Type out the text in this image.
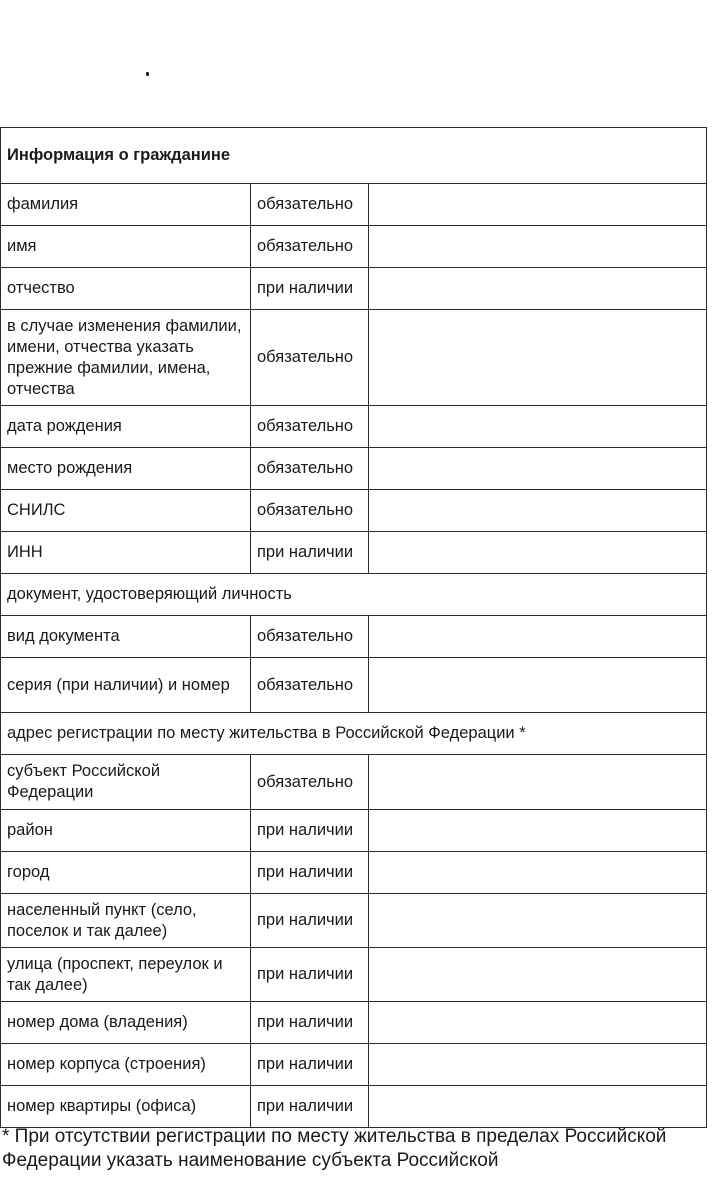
Информация о гражданине		
фамилия	обязательно	
имя	обязательно	
отчество	при наличии	
в случае изменения фамилии, имени, отчества указать прежние фамилии, имена, отчества	обязательно	
дата рождения	обязательно	
место рождения	обязательно	
СНИЛС	обязательно	
ИНН	при наличии	
документ, удостоверяющий личность		
вид документа	обязательно	
серия (при наличии) и номер	обязательно	
адрес регистрации по месту жительства в Российской Федерации *		
субъект Российской Федерации	обязательно	
район	при наличии	
город	при наличии	
населенный пункт (село, поселок и так далее)	при наличии	
улица (проспект, переулок и так далее)	при наличии	
номер дома (владения)	при наличии	
номер корпуса (строения)	при наличии	
номер квартиры (офиса)	при наличии	
* При отсутствии регистрации по месту жительства в пределах Российской Федерации указать наименование субъекта Российской
